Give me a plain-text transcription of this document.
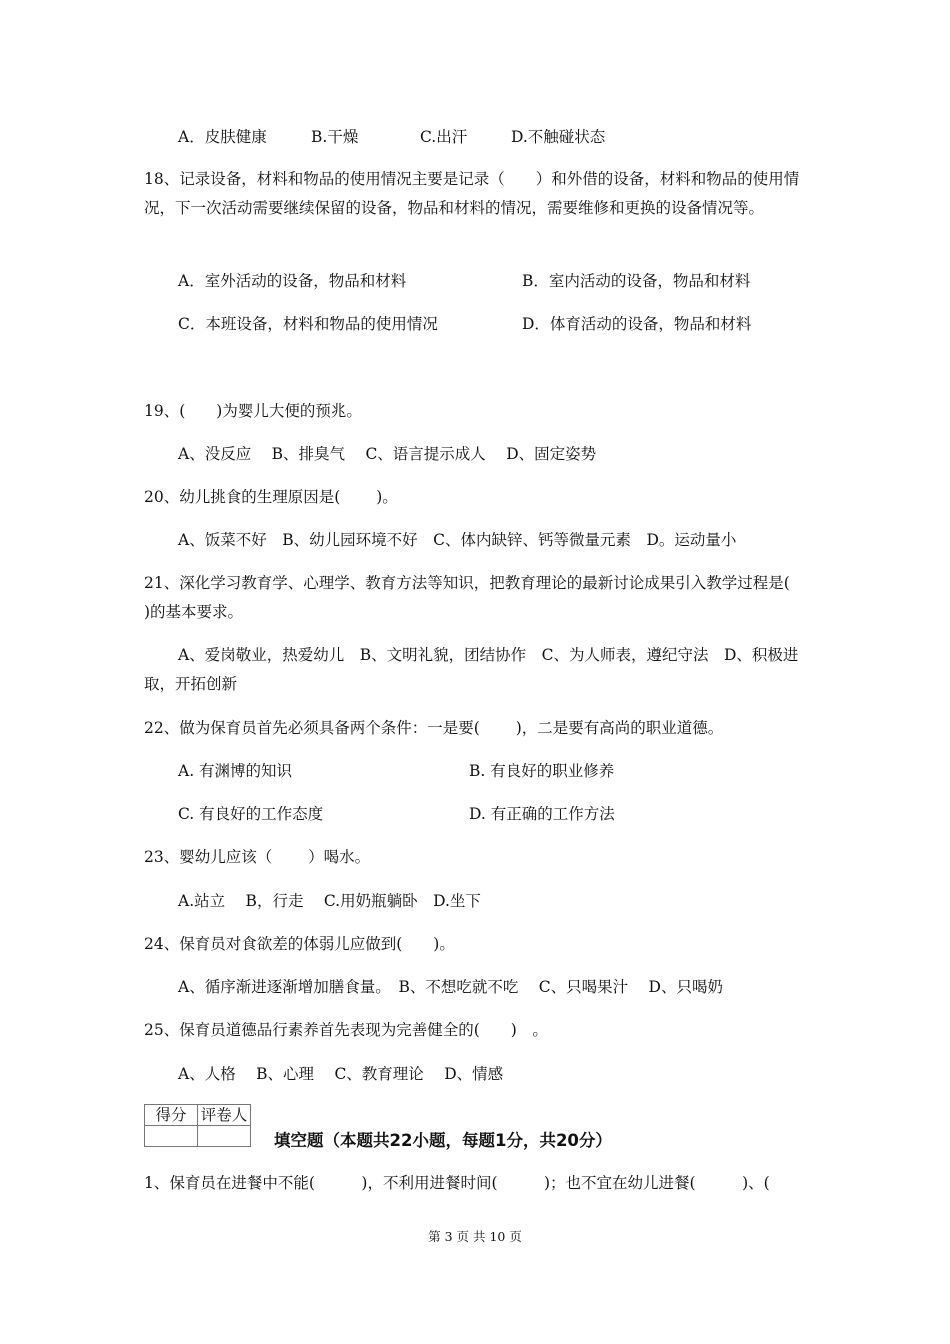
A．皮肤健康	B.干燥	C.出汗	D.不触碰状态
18、记录设备，材料和物品的使用情况主要是记录（　　）和外借的设备，材料和物品的使用情况，下一次活动需要继续保留的设备，物品和材料的情况，需要维修和更换的设备情况等。
A．室外活动的设备，物品和材料	B．室内活动的设备，物品和材料
C．本班设备，材料和物品的使用情况	D．体育活动的设备，物品和材料
19、(　　)为婴儿大便的预兆。
A、没反应　 B、排臭气　 C、语言提示成人　 D、固定姿势
20、幼儿挑食的生理原因是(　　 )。
A、饭菜不好　B、幼儿园环境不好　C、体内缺锌、钙等微量元素　D。运动量小
21、深化学习教育学、心理学、教育方法等知识，把教育理论的最新讨论成果引入教学过程是(　　)的基本要求。
A、爱岗敬业，热爱幼儿　B、文明礼貌，团结协作　C、为人师表，遵纪守法　D、积极进取，开拓创新
22、做为保育员首先必须具备两个条件：一是要(　　 )，二是要有高尚的职业道德。
A. 有渊博的知识	B. 有良好的职业修养
C. 有良好的工作态度	D. 有正确的工作方法
23、婴幼儿应该（　　 ）喝水。
A.站立　 B，行走　 C.用奶瓶躺卧　D.坐下
24、保育员对食欲差的体弱儿应做到(　　)。
A、循序渐进逐渐增加膳食量。　B、不想吃就不吃　 C、只喝果汁　 D、只喝奶
25、保育员道德品行素养首先表现为完善健全的(　　)　。
A、人格　 B、心理　 C、教育理论　 D、情感
得分	评卷人

填空题（本题共22小题，每题1分，共20分）
1、保育员在进餐中不能(　　　)，不利用进餐时间(　　　)；也不宜在幼儿进餐(　　　)、(
第 3 页 共 10 页
